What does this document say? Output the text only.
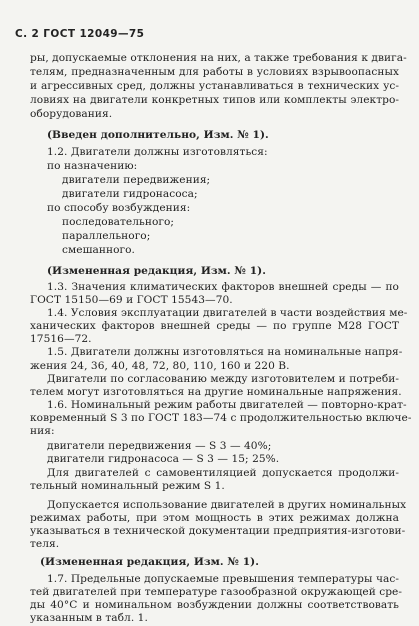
С. 2 ГОСТ 12049—75
ры, допускаемые отклонения на них, а также требования к двига-
телям, предназначенным для работы в условиях взрывоопасных
и агрессивных сред, должны устанавливаться в технических ус-
ловиях на двигатели конкретных типов или комплекты электро-
оборудования.
(Введен дополнительно, Изм. № 1).
1.2. Двигатели должны изготовляться:
по назначению:
двигатели передвижения;
двигатели гидронасоса;
по способу возбуждения:
последовательного;
параллельного;
смешанного.
(Измененная редакция, Изм. № 1).
1.3. Значения климатических факторов внешней среды — по
ГОСТ 15150—69 и ГОСТ 15543—70.
1.4. Условия эксплуатации двигателей в части воздействия ме-
ханических факторов внешней среды — по группе М28 ГОСТ
17516—72.
1.5. Двигатели должны изготовляться на номинальные напря-
жения 24, 36, 40, 48, 72, 80, 110, 160 и 220 В.
Двигатели по согласованию между изготовителем и потреби-
телем могут изготовляться на другие номинальные напряжения.
1.6. Номинальный режим работы двигателей — повторно-крат-
ковременный S 3 по ГОСТ 183—74 с продолжительностью включе-
ния:
двигатели передвижения — S 3 — 40%;
двигатели гидронасоса — S 3 — 15; 25%.
Для двигателей с самовентиляцией допускается продолжи-
тельный номинальный режим S 1.
Допускается использование двигателей в других номинальных
режимах работы, при этом мощность в этих режимах должна
указываться в технической документации предприятия-изготови-
теля.
(Измененная редакция, Изм. № 1).
1.7. Предельные допускаемые превышения температуры час-
тей двигателей при температуре газообразной окружающей сре-
ды 40°C и номинальном возбуждении должны соответствовать
указанным в табл. 1.
